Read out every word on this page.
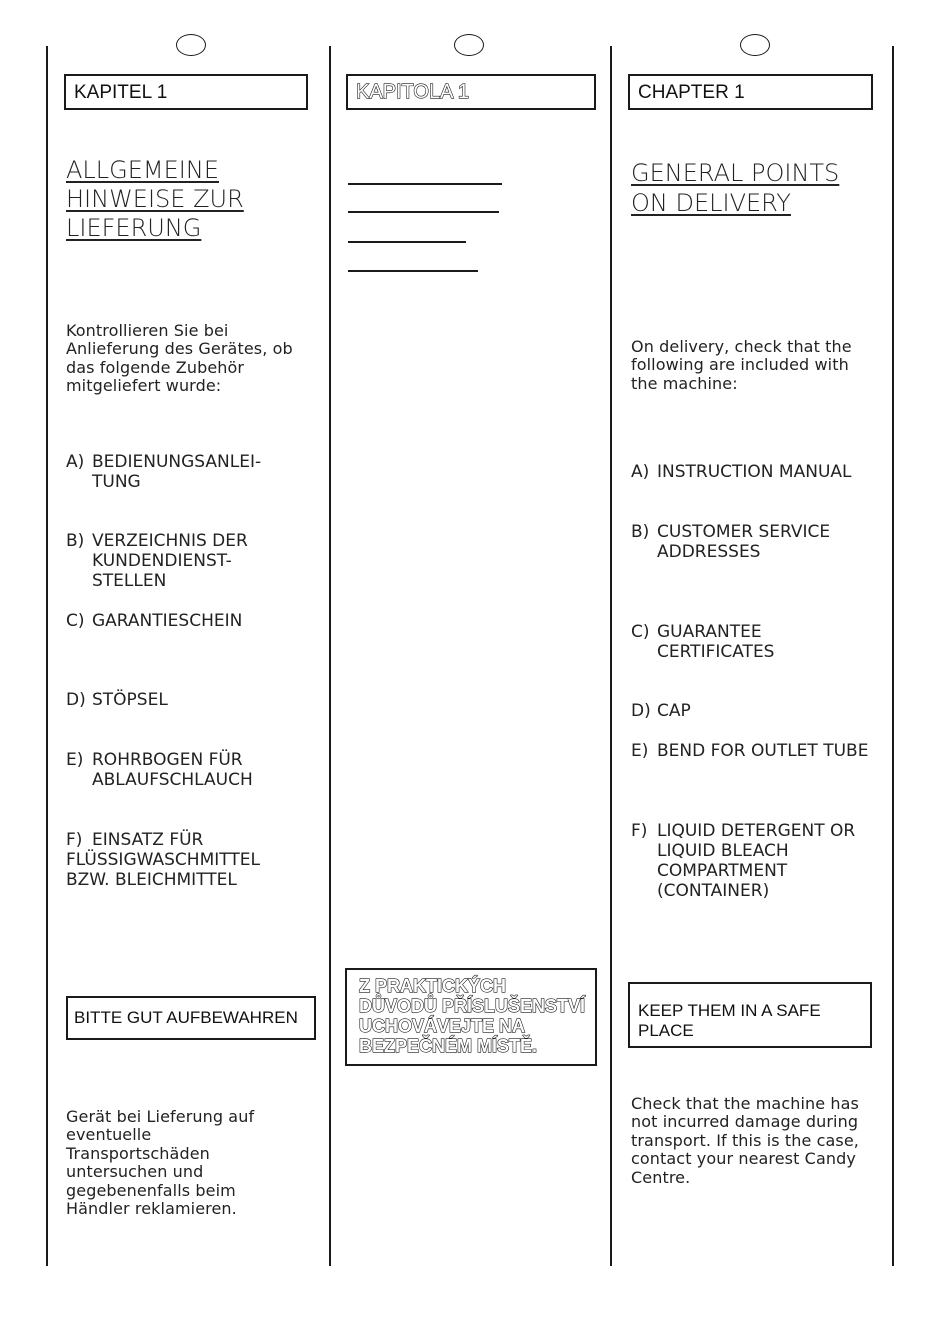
KAPITEL 1
ALLGEMEINE
HINWEISE ZUR
LIEFERUNG
Kontrollieren Sie bei Anlieferung des Gerätes, ob das folgende Zubehör mitgeliefert wurde:
A) BEDIENUNGSANLEI-
TUNG
B) VERZEICHNIS DER
KUNDENDIENST-
STELLEN
C) GARANTIESCHEIN
D) STÖPSEL
E) ROHRBOGEN FÜR
ABLAUFSCHLAUCH
F) EINSATZ FÜR
FLÜSSIGWASCHMITTEL
BZW. BLEICHMITTEL
BITTE GUT AUFBEWAHREN
Gerät bei Lieferung auf eventuelle Transportschäden untersuchen und gegebenenfalls beim Händler reklamieren.
KAPITOLA 1
Z PRAKTICKÝCH
DŮVODŮ PŘÍSLUŠENSTVÍ
UCHOVÁVEJTE NA
BEZPEČNÉM MÍSTĚ.
CHAPTER 1
GENERAL POINTS
ON DELIVERY
On delivery, check that the following are included with the machine:
A) INSTRUCTION MANUAL
B) CUSTOMER SERVICE
ADDRESSES
C) GUARANTEE
CERTIFICATES
D) CAP
E) BEND FOR OUTLET TUBE
F) LIQUID DETERGENT OR
LIQUID BLEACH
COMPARTMENT
(CONTAINER)
KEEP THEM IN A SAFE
PLACE
Check that the machine has not incurred damage during transport. If this is the case, contact your nearest Candy Centre.
